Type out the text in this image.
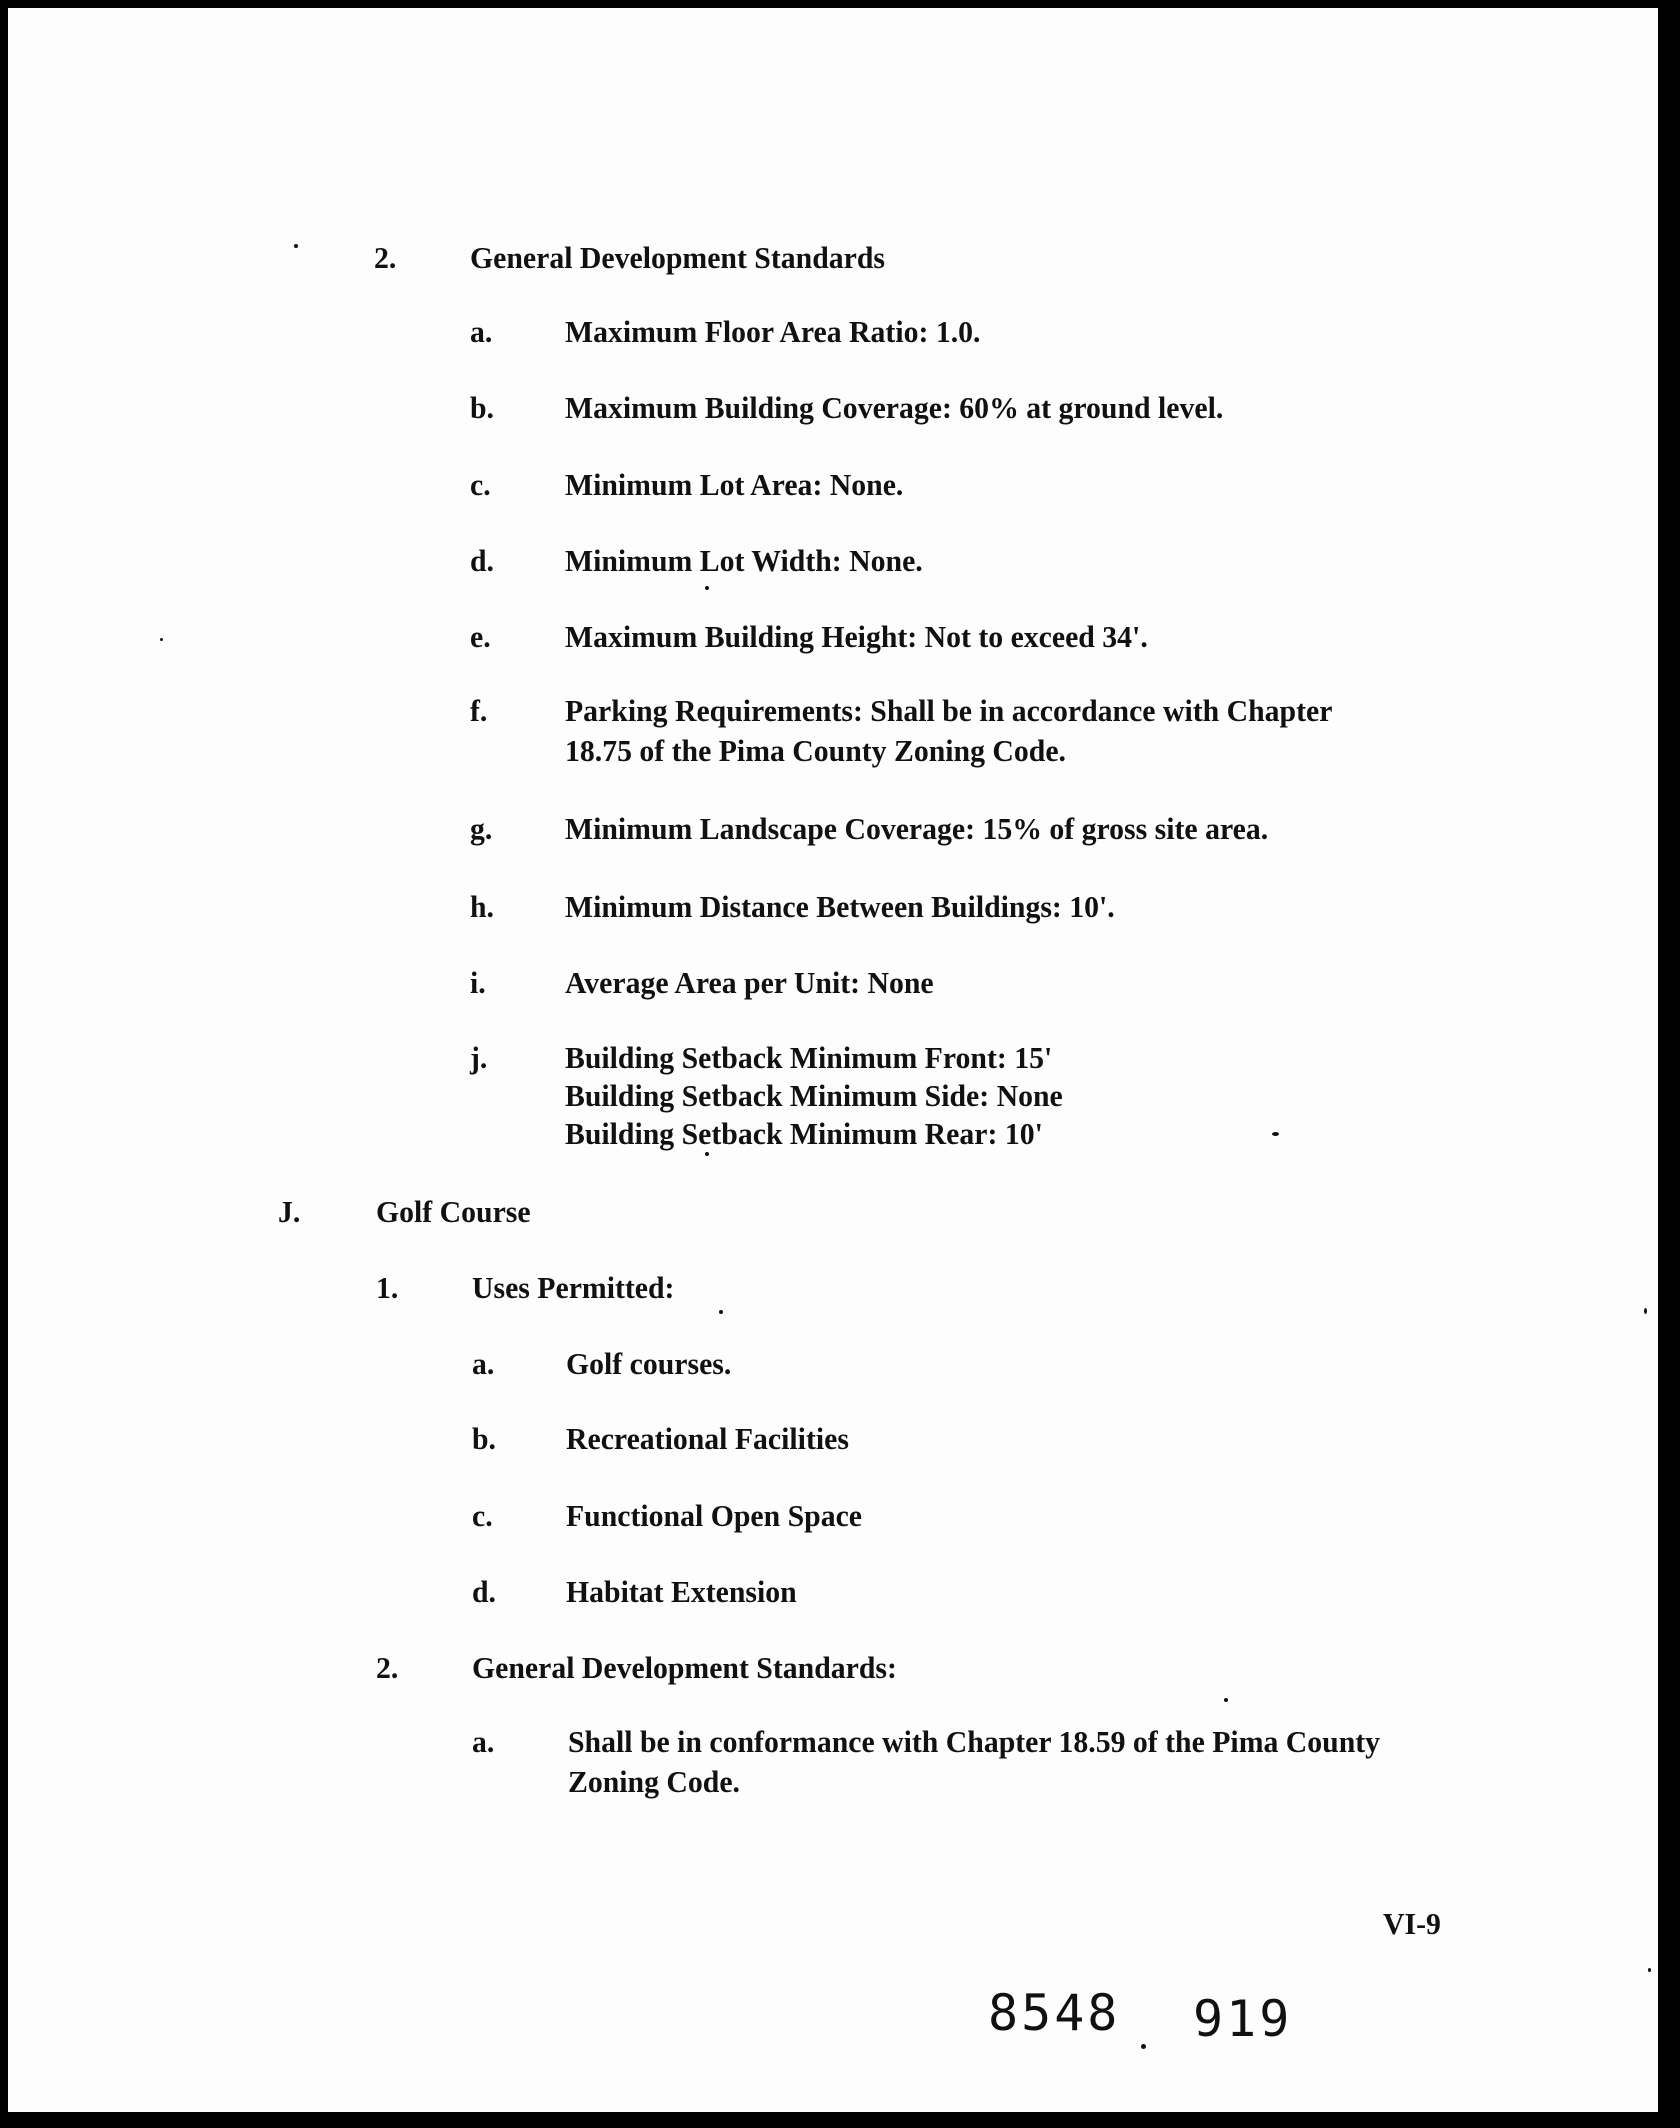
2. General Development Standards
a. Maximum Floor Area Ratio: 1.0.
b. Maximum Building Coverage: 60% at ground level.
c. Minimum Lot Area: None.
d. Minimum Lot Width: None.
e. Maximum Building Height: Not to exceed 34'.
f.	Parking Requirements: Shall be in accordance with Chapter
18.75 of the Pima County Zoning Code.
g. Minimum Landscape Coverage: 15% of gross site area.
h. Minimum Distance Between Buildings: 10'.
i.	Average Area per Unit: None
j.	Building Setback Minimum Front: 15'
Building Setback Minimum Side: None
Building Setback Minimum Rear: 10'
J. Golf Course
1. Uses Permitted:
a. Golf courses.
b. Recreational Facilities
c. Functional Open Space
d. Habitat Extension
2. General Development Standards:
a. Shall be in conformance with Chapter 18.59 of the Pima County
Zoning Code.
VI-9
8548 919
